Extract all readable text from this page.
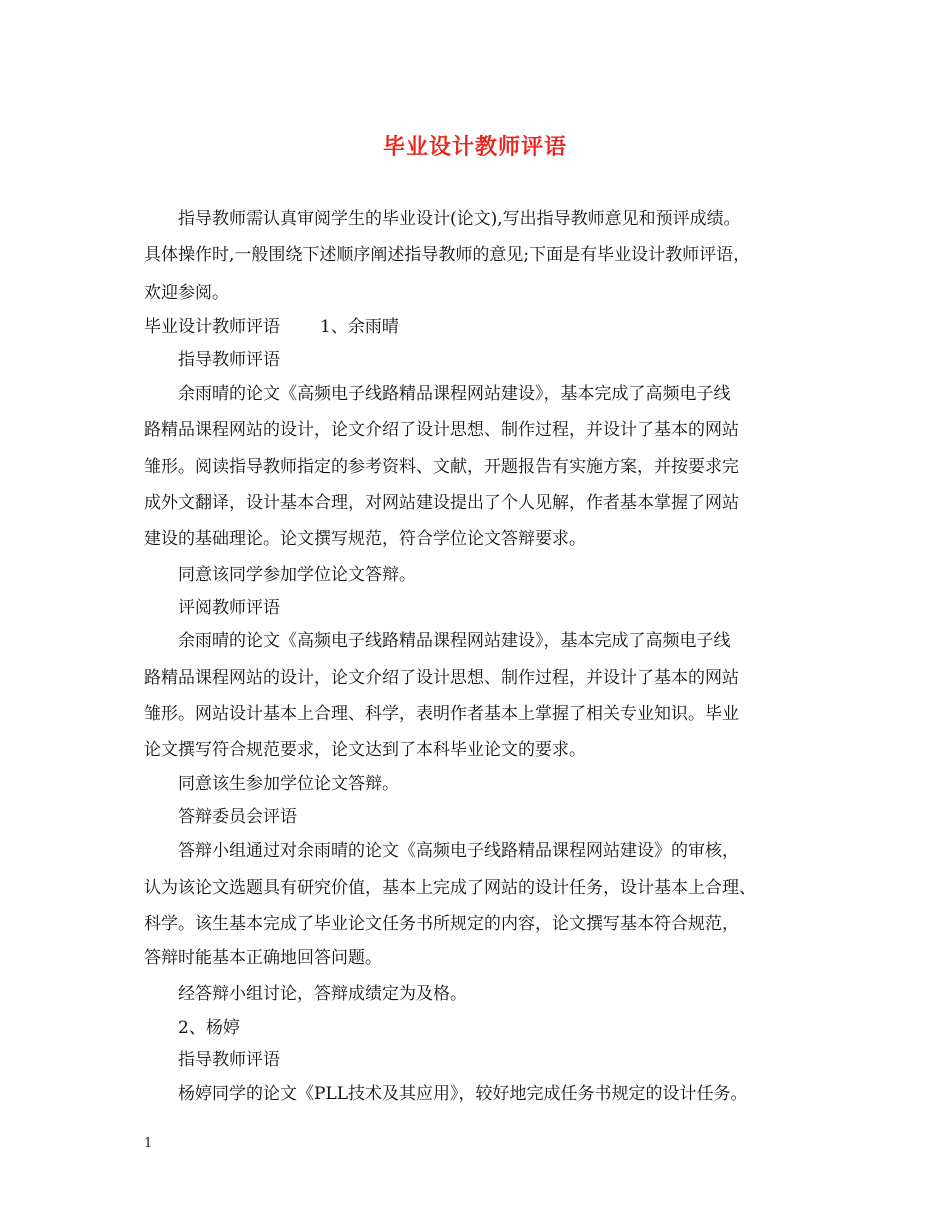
毕业设计教师评语
指导教师需认真审阅学生的毕业设计(论文),写出指导教师意见和预评成绩。
具体操作时,一般围绕下述顺序阐述指导教师的意见;下面是有毕业设计教师评语，
欢迎参阅。
毕业设计教师评语 1、余雨晴
指导教师评语
余雨晴的论文《高频电子线路精品课程网站建设》，基本完成了高频电子线
路精品课程网站的设计，论文介绍了设计思想、制作过程，并设计了基本的网站
雏形。阅读指导教师指定的参考资料、文献，开题报告有实施方案，并按要求完
成外文翻译，设计基本合理，对网站建设提出了个人见解，作者基本掌握了网站
建设的基础理论。论文撰写规范，符合学位论文答辩要求。
同意该同学参加学位论文答辩。
评阅教师评语
余雨晴的论文《高频电子线路精品课程网站建设》，基本完成了高频电子线
路精品课程网站的设计，论文介绍了设计思想、制作过程，并设计了基本的网站
雏形。网站设计基本上合理、科学，表明作者基本上掌握了相关专业知识。毕业
论文撰写符合规范要求，论文达到了本科毕业论文的要求。
同意该生参加学位论文答辩。
答辩委员会评语
答辩小组通过对余雨晴的论文《高频电子线路精品课程网站建设》的审核，
认为该论文选题具有研究价值，基本上完成了网站的设计任务，设计基本上合理、
科学。该生基本完成了毕业论文任务书所规定的内容，论文撰写基本符合规范，
答辩时能基本正确地回答问题。
经答辩小组讨论，答辩成绩定为及格。
2、杨婷
指导教师评语
杨婷同学的论文《PLL技术及其应用》，较好地完成任务书规定的设计任务。
1
